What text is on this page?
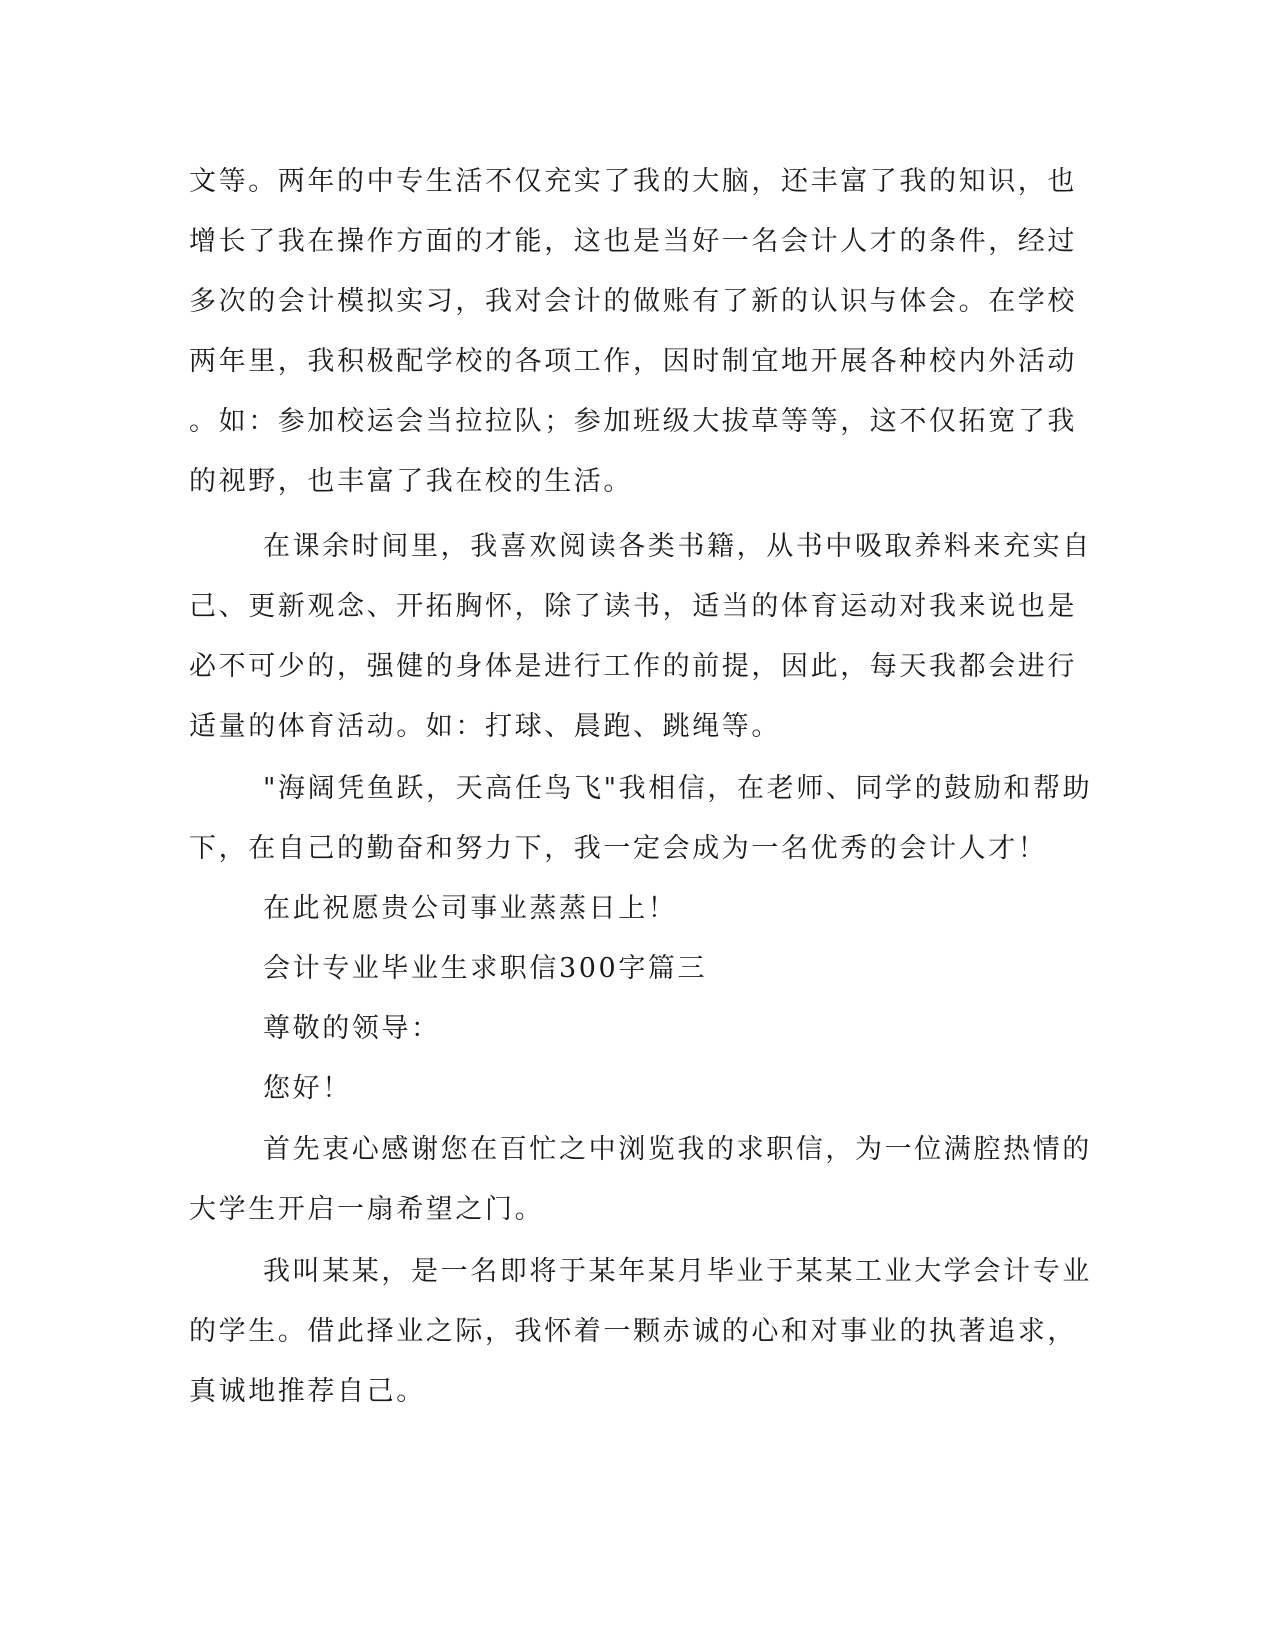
文等。两年的中专生活不仅充实了我的大脑，还丰富了我的知识，也
增长了我在操作方面的才能，这也是当好一名会计人才的条件，经过
多次的会计模拟实习，我对会计的做账有了新的认识与体会。在学校
两年里，我积极配学校的各项工作，因时制宜地开展各种校内外活动
。如：参加校运会当拉拉队；参加班级大拔草等等，这不仅拓宽了我
的视野，也丰富了我在校的生活。
在课余时间里，我喜欢阅读各类书籍，从书中吸取养料来充实自
己、更新观念、开拓胸怀，除了读书，适当的体育运动对我来说也是
必不可少的，强健的身体是进行工作的前提，因此，每天我都会进行
适量的体育活动。如：打球、晨跑、跳绳等。
"海阔凭鱼跃，天高任鸟飞"我相信，在老师、同学的鼓励和帮助
下，在自己的勤奋和努力下，我一定会成为一名优秀的会计人才！
在此祝愿贵公司事业蒸蒸日上！
会计专业毕业生求职信300字篇三
尊敬的领导：
您好！
首先衷心感谢您在百忙之中浏览我的求职信，为一位满腔热情的
大学生开启一扇希望之门。
我叫某某，是一名即将于某年某月毕业于某某工业大学会计专业
的学生。借此择业之际，我怀着一颗赤诚的心和对事业的执著追求，
真诚地推荐自己。
